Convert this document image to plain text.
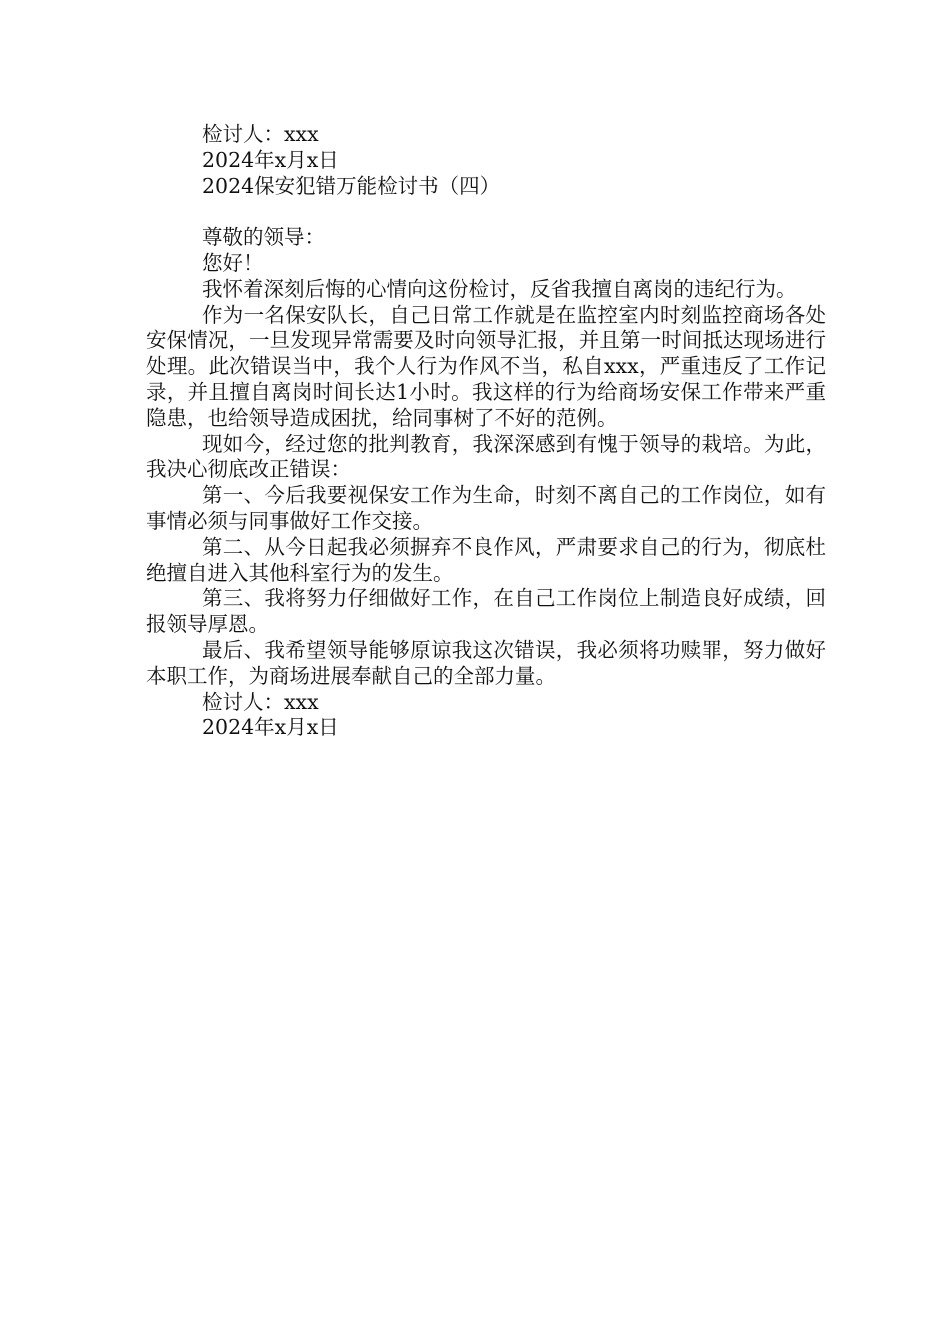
检讨人：xxx

2024年x月x日

2024保安犯错万能检讨书（四）

尊敬的领导：

您好！

我怀着深刻后悔的心情向这份检讨，反省我擅自离岗的违纪行为。

作为一名保安队长，自己日常工作就是在监控室内时刻监控商场各处安保情况，一旦发现异常需要及时向领导汇报，并且第一时间抵达现场进行处理。此次错误当中，我个人行为作风不当，私自xxx，严重违反了工作记录，并且擅自离岗时间长达1小时。我这样的行为给商场安保工作带来严重隐患，也给领导造成困扰，给同事树了不好的范例。

现如今，经过您的批判教育，我深深感到有愧于领导的栽培。为此，我决心彻底改正错误：

第一、今后我要视保安工作为生命，时刻不离自己的工作岗位，如有事情必须与同事做好工作交接。

第二、从今日起我必须摒弃不良作风，严肃要求自己的行为，彻底杜绝擅自进入其他科室行为的发生。

第三、我将努力仔细做好工作，在自己工作岗位上制造良好成绩，回报领导厚恩。

最后、我希望领导能够原谅我这次错误，我必须将功赎罪，努力做好本职工作，为商场进展奉献自己的全部力量。

检讨人：xxx

2024年x月x日
